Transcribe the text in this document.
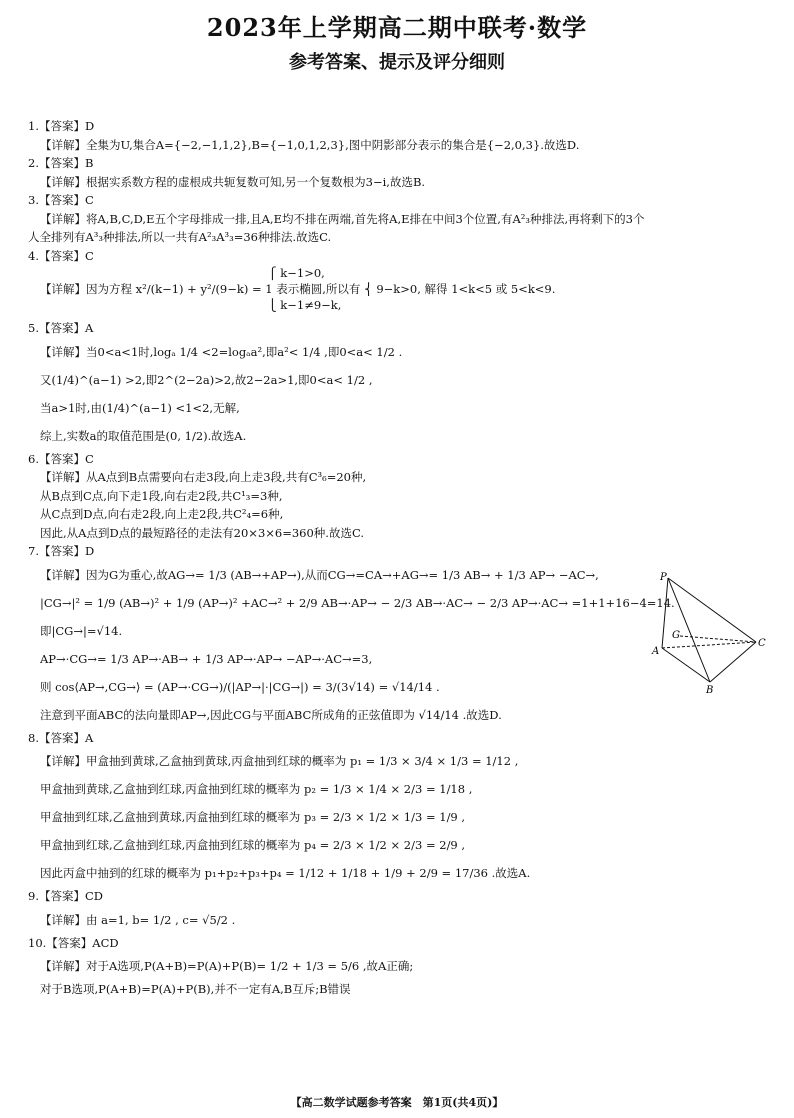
2023年上学期高二期中联考·数学
参考答案、提示及评分细则
1.【答案】D
【详解】全集为U,集合A={−2,−1,1,2},B={−1,0,1,2,3},图中阴影部分表示的集合是{−2,0,3}.故选D.
2.【答案】B
【详解】根据实系数方程的虚根成共轭复数可知,另一个复数根为3−i,故选B.
3.【答案】C
【详解】将A,B,C,D,E五个字母排成一排,且A,E均不排在两端,首先将A,E排在中间3个位置,有A²₃种排法,再将剩下的3个
人全排列有A³₃种排法,所以一共有A²₃A³₃=36种排法.故选C.
4.【答案】C
⎧ k−1>0,
【详解】因为方程 x²/(k−1) + y²/(9−k) = 1 表示椭圆,所以有 ⎨ 9−k>0, 解得 1<k<5 或 5<k<9.
⎩ k−1≠9−k,
5.【答案】A
【详解】当0<a<1时,logₐ 1/4 <2=logₐa²,即a²< 1/4 ,即0<a< 1/2 .
又(1/4)^(a−1) >2,即2^(2−2a)>2,故2−2a>1,即0<a< 1/2 ,
当a>1时,由(1/4)^(a−1) <1<2,无解,
综上,实数a的取值范围是(0, 1/2).故选A.
6.【答案】C
【详解】从A点到B点需要向右走3段,向上走3段,共有C³₆=20种,
从B点到C点,向下走1段,向右走2段,共C¹₃=3种,
从C点到D点,向右走2段,向上走2段,共C²₄=6种,
因此,从A点到D点的最短路径的走法有20×3×6=360种.故选C.
7.【答案】D
【详解】因为G为重心,故AG→= 1/3 (AB→+AP→),从而CG→=CA→+AG→= 1/3 AB→ + 1/3 AP→ −AC→,
|CG→|² = 1/9 (AB→)² + 1/9 (AP→)² +AC→² + 2/9 AB→·AP→ − 2/3 AB→·AC→ − 2/3 AP→·AC→ =1+1+16−4=14.
即|CG→|=√14.
AP→·CG→= 1/3 AP→·AB→ + 1/3 AP→·AP→ −AP→·AC→=3,
则 cos⟨AP→,CG→⟩ = (AP→·CG→)/(|AP→|·|CG→|) = 3/(3√14) = √14/14 .
注意到平面ABC的法向量即AP→,因此CG与平面ABC所成角的正弦值即为 √14/14 .故选D.
8.【答案】A
【详解】甲盒抽到黄球,乙盒抽到黄球,丙盒抽到红球的概率为 p₁ = 1/3 × 3/4 × 1/3 = 1/12 ,
甲盒抽到黄球,乙盒抽到红球,丙盒抽到红球的概率为 p₂ = 1/3 × 1/4 × 2/3 = 1/18 ,
甲盒抽到红球,乙盒抽到黄球,丙盒抽到红球的概率为 p₃ = 2/3 × 1/2 × 1/3 = 1/9 ,
甲盒抽到红球,乙盒抽到红球,丙盒抽到红球的概率为 p₄ = 2/3 × 1/2 × 2/3 = 2/9 ,
因此丙盒中抽到的红球的概率为 p₁+p₂+p₃+p₄ = 1/12 + 1/18 + 1/9 + 2/9 = 17/36 .故选A.
9.【答案】CD
【详解】由 a=1, b= 1/2 , c= √5/2 .
10.【答案】ACD
【详解】对于A选项,P(A+B)=P(A)+P(B)= 1/2 + 1/3 = 5/6 ,故A正确;
对于B选项,P(A+B)=P(A)+P(B),并不一定有A,B互斥;B错误
P
G
C
A
B
【高二数学试题参考答案　第1页(共4页)】
